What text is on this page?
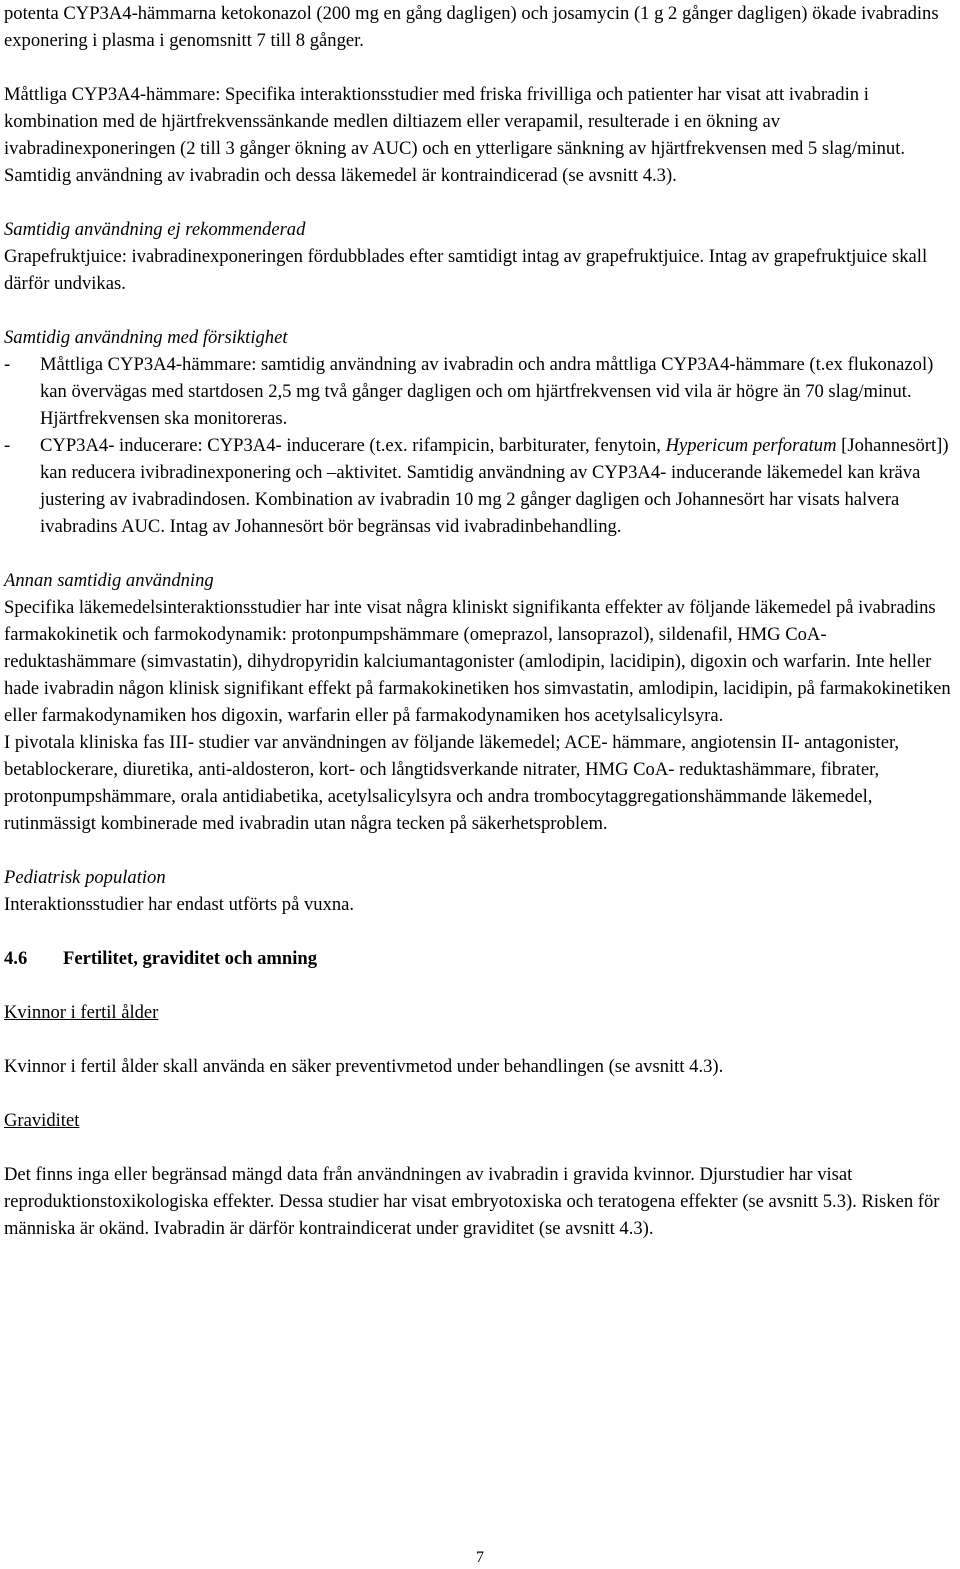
potenta CYP3A4-hämmarna ketokonazol (200 mg en gång dagligen) och josamycin (1 g 2 gånger dagligen) ökade ivabradins exponering i plasma i genomsnitt 7 till 8 gånger.

Måttliga CYP3A4-hämmare: Specifika interaktionsstudier med friska frivilliga och patienter har visat att ivabradin i kombination med de hjärtfrekvenssänkande medlen diltiazem eller verapamil, resulterade i en ökning av ivabradinexponeringen (2 till 3 gånger ökning av AUC) och en ytterligare sänkning av hjärtfrekvensen med 5 slag/minut. Samtidig användning av ivabradin och dessa läkemedel är kontraindicerad (se avsnitt 4.3).

Samtidig användning ej rekommenderad

Grapefruktjuice: ivabradinexponeringen fördubblades efter samtidigt intag av grapefruktjuice. Intag av grapefruktjuice skall därför undvikas.

Samtidig användning med försiktighet

- Måttliga CYP3A4-hämmare: samtidig användning av ivabradin och andra måttliga CYP3A4-hämmare (t.ex flukonazol) kan övervägas med startdosen 2,5 mg två gånger dagligen och om hjärtfrekvensen vid vila är högre än 70 slag/minut. Hjärtfrekvensen ska monitoreras.
- CYP3A4- inducerare: CYP3A4- inducerare (t.ex. rifampicin, barbiturater, fenytoin, Hypericum perforatum [Johannesört]) kan reducera ivibradinexponering och –aktivitet. Samtidig användning av CYP3A4- inducerande läkemedel kan kräva justering av ivabradindosen. Kombination av ivabradin 10 mg 2 gånger dagligen och Johannesört har visats halvera ivabradins AUC. Intag av Johannesört bör begränsas vid ivabradinbehandling.

Annan samtidig användning

Specifika läkemedelsinteraktionsstudier har inte visat några kliniskt signifikanta effekter av följande läkemedel på ivabradins farmakokinetik och farmokodynamik: protonpumpshämmare (omeprazol, lansoprazol), sildenafil, HMG CoA- reduktashämmare (simvastatin), dihydropyridin kalciumantagonister (amlodipin, lacidipin), digoxin och warfarin. Inte heller hade ivabradin någon klinisk signifikant effekt på farmakokinetiken hos simvastatin, amlodipin, lacidipin, på farmakokinetiken eller farmakodynamiken hos digoxin, warfarin eller på farmakodynamiken hos acetylsalicylsyra.

I pivotala kliniska fas III- studier var användningen av följande läkemedel; ACE- hämmare, angiotensin II- antagonister, betablockerare, diuretika, anti-aldosteron, kort- och långtidsverkande nitrater, HMG CoA- reduktashämmare, fibrater, protonpumpshämmare, orala antidiabetika, acetylsalicylsyra och andra trombocytaggregationshämmande läkemedel, rutinmässigt kombinerade med ivabradin utan några tecken på säkerhetsproblem.

Pediatrisk population

Interaktionsstudier har endast utförts på vuxna.

4.6	Fertilitet, graviditet och amning

Kvinnor i fertil ålder

Kvinnor i fertil ålder skall använda en säker preventivmetod under behandlingen (se avsnitt 4.3).

Graviditet

Det finns inga eller begränsad mängd data från användningen av ivabradin i gravida kvinnor. Djurstudier har visat reproduktionstoxikologiska effekter. Dessa studier har visat embryotoxiska och teratogena effekter (se avsnitt 5.3). Risken för människa är okänd. Ivabradin är därför kontraindicerat under graviditet (se avsnitt 4.3).

7
